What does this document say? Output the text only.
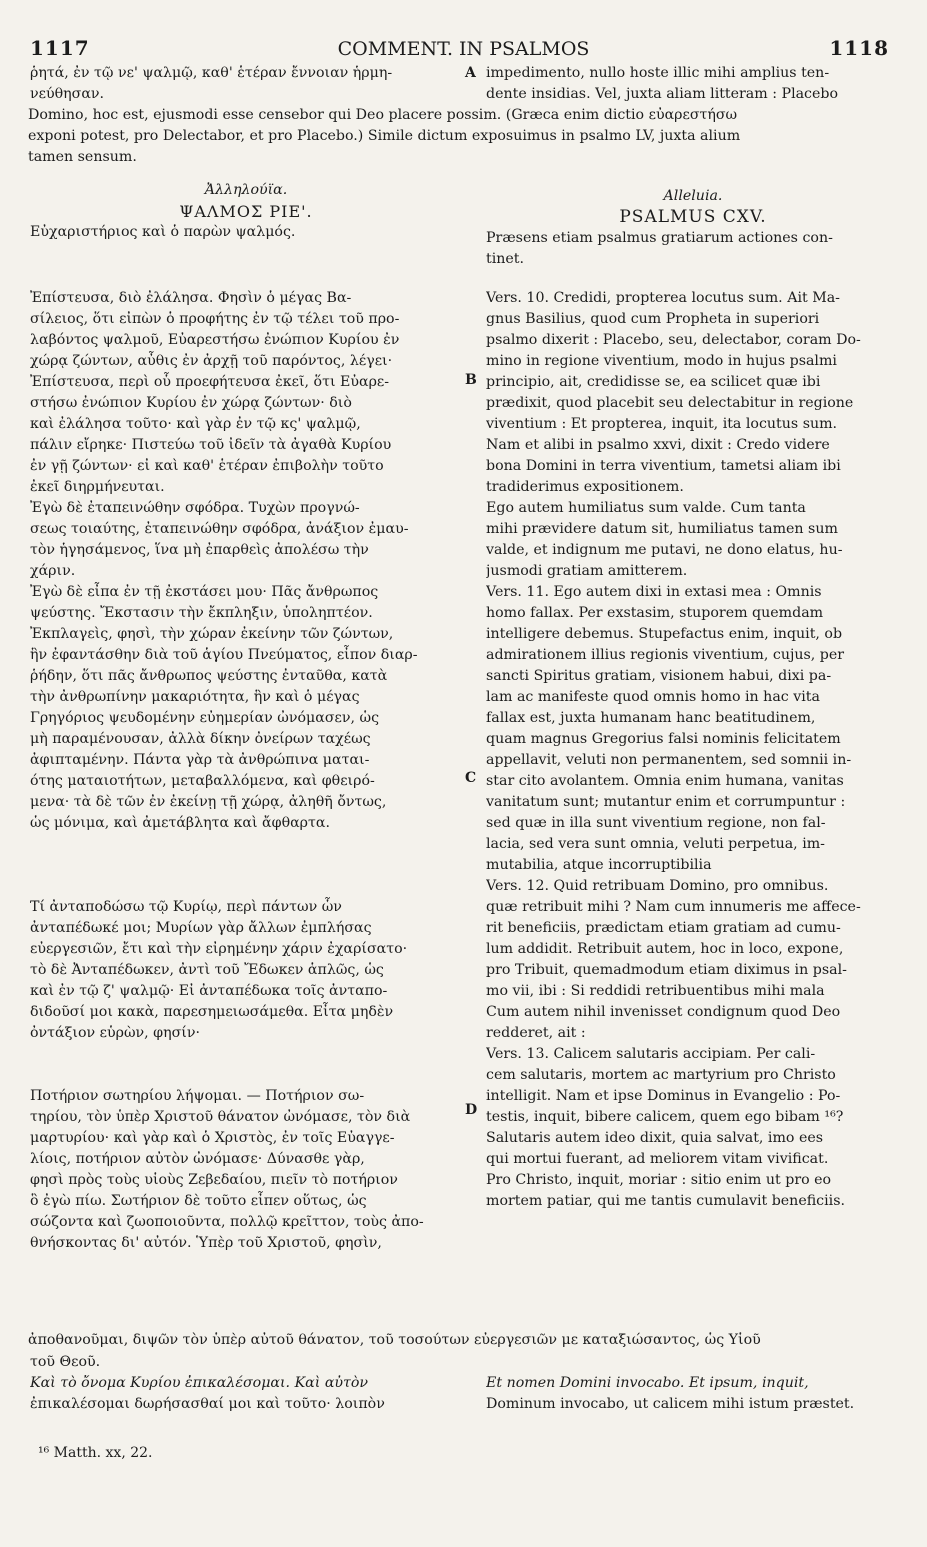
1117	COMMENT. IN PSALMOS	1118

ῥητά, ἐν τῷ νε' ψαλμῷ, καθ' ἑτέραν ἔννοιαν ἡρμη-

νεύθησαν.

A impedimento, nullo hoste illic mihi amplius ten-

dente insidias. Vel, juxta aliam litteram : Placebo

Domino, hoc est, ejusmodi esse censebor qui Deo placere possim. (Græca enim dictio εὐαρεστήσω
exponi potest, pro Delectabor, et pro Placebo.) Simile dictum exposuimus in psalmo LV, juxta alium
tamen sensum.

Ἀλληλούϊα.

ΨΑΛΜΟΣ ΡΙΕ'.

Εὐχαριστήριος καὶ ὁ παρὼν ψαλμός.

Alleluia.

PSALMUS CXV.

Præsens etiam psalmus gratiarum actiones con-

tinet.

Ἐπίστευσα, διὸ ἐλάλησα. Φησὶν ὁ μέγας Βα-

σίλειος, ὅτι εἰπὼν ὁ προφήτης ἐν τῷ τέλει τοῦ προ-

λαβόντος ψαλμοῦ, Εὐαρεστήσω ἐνώπιον Κυρίου ἐν

χώρᾳ ζώντων, αὖθις ἐν ἀρχῇ τοῦ παρόντος, λέγει·

Ἐπίστευσα, περὶ οὗ προεφήτευσα ἐκεῖ, ὅτι Εὐαρε-

στήσω ἐνώπιον Κυρίου ἐν χώρᾳ ζώντων· διὸ

καὶ ἐλάλησα τοῦτο· καὶ γὰρ ἐν τῷ κς' ψαλμῷ,

πάλιν εἴρηκε· Πιστεύω τοῦ ἰδεῖν τὰ ἀγαθὰ Κυρίου

ἐν γῇ ζώντων· εἰ καὶ καθ' ἑτέραν ἐπιβολὴν τοῦτο

ἐκεῖ διηρμήνευται.

Ἐγὼ δὲ ἐταπεινώθην σφόδρα. Τυχὼν προγνώ-

σεως τοιαύτης, ἐταπεινώθην σφόδρα, ἀνάξιον ἐμαυ-

τὸν ἡγησάμενος, ἵνα μὴ ἐπαρθεὶς ἀπολέσω τὴν

χάριν.

Ἐγὼ δὲ εἶπα ἐν τῇ ἐκστάσει μου· Πᾶς ἄνθρωπος

ψεύστης. Ἔκστασιν τὴν ἔκπληξιν, ὑποληπτέον.

Ἐκπλαγεὶς, φησὶ, τὴν χώραν ἐκείνην τῶν ζώντων,

ἣν ἐφαντάσθην διὰ τοῦ ἁγίου Πνεύματος, εἶπον διαρ-

ῥήδην, ὅτι πᾶς ἄνθρωπος ψεύστης ἐνταῦθα, κατὰ

τὴν ἀνθρωπίνην μακαριότητα, ἣν καὶ ὁ μέγας

Γρηγόριος ψευδομένην εὐημερίαν ὠνόμασεν, ὡς

μὴ παραμένουσαν, ἀλλὰ δίκην ὀνείρων ταχέως

ἀφιπταμένην. Πάντα γὰρ τὰ ἀνθρώπινα μαται-

ότης ματαιοτήτων, μεταβαλλόμενα, καὶ φθειρό-

μενα· τὰ δὲ τῶν ἐν ἐκείνῃ τῇ χώρᾳ, ἀληθῆ ὄντως,

ὡς μόνιμα, καὶ ἀμετάβλητα καὶ ἄφθαρτα.

Τί ἀνταποδώσω τῷ Κυρίῳ, περὶ πάντων ὧν

ἀνταπέδωκέ μοι; Μυρίων γὰρ ἄλλων ἐμπλήσας

εὐεργεσιῶν, ἔτι καὶ τὴν εἰρημένην χάριν ἐχαρίσατο·

τὸ δὲ Ἀνταπέδωκεν, ἀντὶ τοῦ Ἔδωκεν ἁπλῶς, ὡς

καὶ ἐν τῷ ζ' ψαλμῷ· Εἰ ἀνταπέδωκα τοῖς ἀνταπο-

διδοῦσί μοι κακὰ, παρεσημειωσάμεθα. Εἶτα μηδὲν

ὀντάξιον εὑρὼν, φησίν·

Ποτήριον σωτηρίου λήψομαι. — Ποτήριον σω-

τηρίου, τὸν ὑπὲρ Χριστοῦ θάνατον ὠνόμασε, τὸν διὰ

μαρτυρίου· καὶ γὰρ καὶ ὁ Χριστὸς, ἐν τοῖς Εὐαγγε-

λίοις, ποτήριον αὐτὸν ὠνόμασε· Δύνασθε γὰρ,

φησὶ πρὸς τοὺς υἱοὺς Ζεβεδαίου, πιεῖν τὸ ποτήριον

ὃ ἐγὼ πίω. Σωτήριον δὲ τοῦτο εἶπεν οὕτως, ὡς

σώζοντα καὶ ζωοποιοῦντα, πολλῷ κρεῖττον, τοὺς ἀπο-

θνήσκοντας δι' αὐτόν. Ὑπὲρ τοῦ Χριστοῦ, φησὶν,

Vers. 10. Credidi, propterea locutus sum. Ait Ma-

gnus Basilius, quod cum Propheta in superiori

psalmo dixerit : Placebo, seu, delectabor, coram Do-

mino in regione viventium, modo in hujus psalmi

principio, ait, credidisse se, ea scilicet quæ ibi

prædixit, quod placebit seu delectabitur in regione

viventium : Et propterea, inquit, ita locutus sum.

Nam et alibi in psalmo xxvi, dixit : Credo videre

bona Domini in terra viventium, tametsi aliam ibi

tradiderimus expositionem.

Ego autem humiliatus sum valde. Cum tanta

mihi prævidere datum sit, humiliatus tamen sum

valde, et indignum me putavi, ne dono elatus, hu-

jusmodi gratiam amitterem.

Vers. 11. Ego autem dixi in extasi mea : Omnis

homo fallax. Per exstasim, stuporem quemdam

intelligere debemus. Stupefactus enim, inquit, ob

admirationem illius regionis viventium, cujus, per

sancti Spiritus gratiam, visionem habui, dixi pa-

lam ac manifeste quod omnis homo in hac vita

fallax est, juxta humanam hanc beatitudinem,

quam magnus Gregorius falsi nominis felicitatem

appellavit, veluti non permanentem, sed somnii in-

star cito avolantem. Omnia enim humana, vanitas

vanitatum sunt; mutantur enim et corrumpuntur :

sed quæ in illa sunt viventium regione, non fal-

lacia, sed vera sunt omnia, veluti perpetua, im-

mutabilia, atque incorruptibilia

Vers. 12. Quid retribuam Domino, pro omnibus.

quæ retribuit mihi ? Nam cum innumeris me affece-

rit beneficiis, prædictam etiam gratiam ad cumu-

lum addidit. Retribuit autem, hoc in loco, expone,

pro Tribuit, quemadmodum etiam diximus in psal-

mo vii, ibi : Si reddidi retribuentibus mihi mala

Cum autem nihil invenisset condignum quod Deo

redderet, ait :

Vers. 13. Calicem salutaris accipiam. Per cali-

cem salutaris, mortem ac martyrium pro Christo

intelligit. Nam et ipse Dominus in Evangelio : Po-

testis, inquit, bibere calicem, quem ego bibam ¹⁶?

Salutaris autem ideo dixit, quia salvat, imo ees

qui mortui fuerant, ad meliorem vitam vivificat.

Pro Christo, inquit, moriar : sitio enim ut pro eo

mortem patiar, qui me tantis cumulavit beneficiis.

B
C
D
ἀποθανοῦμαι, διψῶν τὸν ὑπὲρ αὐτοῦ θάνατον, τοῦ τοσούτων εὐεργεσιῶν με καταξιώσαντος, ὡς Υἱοῦ

τοῦ Θεοῦ.

Καὶ τὸ ὄνομα Κυρίου ἐπικαλέσομαι. Καὶ αὐτὸν

ἐπικαλέσομαι δωρήσασθαί μοι καὶ τοῦτο· λοιπὸν

Et nomen Domini invocabo. Et ipsum, inquit,

Dominum invocabo, ut calicem mihi istum præstet.

¹⁶ Matth. xx, 22.
